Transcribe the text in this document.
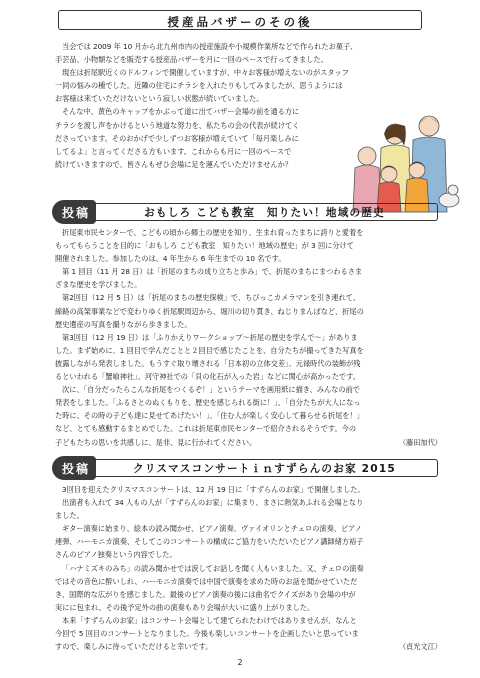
授産品バザーのその後

当会では 2009 年 10 月から北九州市内の授産施設や小規模作業所などで作られたお菓子、

手芸品、小物類などを販売する授産品バザーを月に一回のペースで行ってきました。

現在は折尾駅近くのドルフィンで開催していますが、中々お客様が増えないのがスタッフ

一同の悩みの種でした。近隣の住宅にチラシを入れたりもしてみましたが、思うようには

お客様は来ていただけないという寂しい状態が続いていました。

そんな中、黄色のキャップをかぶって道に出てバザー会場の前を通る方に

チラシを渡し声をかけるという地道な努力を、私たちの会の代表が続けてく

ださっています。そのおかげで少しずつお客様が増えていて「毎月楽しみに

してるよ」と言ってくださる方もいます。これからも月に一回のペースで

続けていきますので、皆さんもぜひ会場に足を運んでいただけませんか？

投稿	おもしろ こども教室　知りたい！地域の歴史

折尾東市民センターで、こどもの頃から郷土の歴史を知り、生まれ育ったまちに誇りと愛着を

もってもらうことを目的に「おもしろ こども教室　知りたい！地域の歴史」が 3 回に分けて

開催されました。参加したのは、4 年生から 6 年生までの 10 名です。

第 1 回目（11 月 28 日）は「折尾のまちの成り立ちと歩み」で、折尾のまちにまつわるさま

ざまな歴史を学びました。

第2回目（12 月 5 日）は「折尾のまちの歴史探検」で、ちびっこカメラマンを引き連れて、

線路の高架事業などで変わりゆく折尾駅周辺から、堀川の切り貫き、ねじりまんぽなど、折尾の

歴史遺産の写真を撮りながら歩きました。

第3回目（12 月 19 日）は「ふりかえりワークショップ～折尾の歴史を学んで～」がありま

した。まず始めに、1 回目で学んだことと２回目で感じたことを、自分たちが撮ってきた写真を

披露しながら発表しました。もうすぐ取り壊される「日本初の立体交差」、元禄時代の装飾が残

るといわれる「蟹喰神社」、河守神社での「貝の化石が入った岩」などに関心が高かったです。

次に、「自分だったらこんな折尾をつくるぞ！」というテーマを画用紙に描き、みんなの前で

発表をしました。「ふるさとのぬくもりを、歴史を感じられる街に！」、「自分たちが大人になっ

た時に、その時の子ども達に見せてあげたい！」、「住む人が楽しく安心して暮らせる折尾を！」

など、とても感動するまとめでした。これは折尾東市民センターで紹介されるそうです。今の

子どもたちの思いを共感しに、是非、見に行かれてください。	（藤田加代）

投稿	クリスマスコンサートｉｎすずらんのお家 2015

3回目を迎えたクリスマスコンサートは、12 月 19 日に「すずらんのお家」で開催しました。

出演者も入れて 34 人もの人が「すずらんのお家」に集まり、まさに熱気あふれる会場となり

ました。

ギター演奏に始まり、絵本の読み聞かせ、ピアノ演奏、ヴァイオリンとチェロの演奏、ピアノ

連弾、ハーモニカ演奏、そしてこのコンサートの構成にご協力をいただいたピアノ講師緒方裕子

さんのピアノ独奏という内容でした。

「ハナミズキのみち」の読み聞かせでは涙してお話しを聞く人もいました。又、チェロの演奏

ではその音色に酔いしれ、ハーモニカ演奏では中国で演奏を求めた時のお話を聞かせていただ

き、国際的な広がりを感じました。最後のピアノ演奏の後には曲名でクイズがあり会場の中が

実にに包まれ、その後予定外の曲の演奏もあり会場が大いに盛り上がりました。

本来「すずらんのお家」はコンサート会場として建てられたわけではありませんが、なんと

今回で 5 回目のコンサートとなりました。今後も楽しいコンサートを企画したいと思っていま

すので、楽しみに待っていただけると幸いです。	（貞光文江）

2
